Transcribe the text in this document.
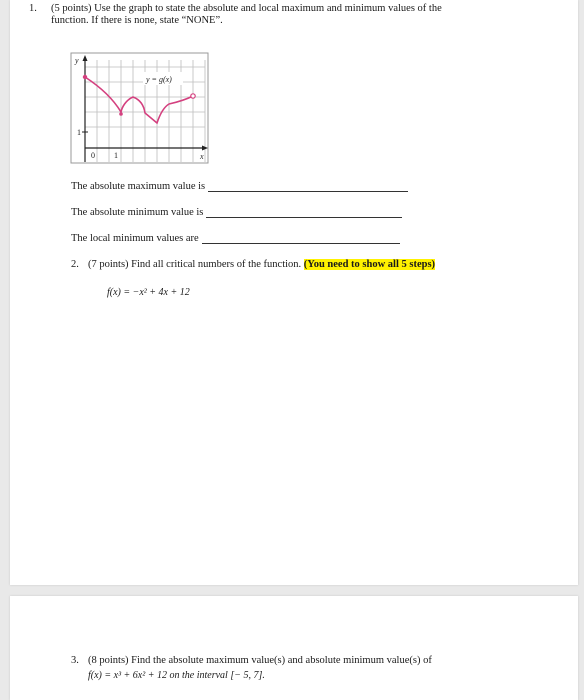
1. (5 points) Use the graph to state the absolute and local maximum and minimum values of the
function. If there is none, state “NONE”.
y
x
0 1
1
y = g(x)
The absolute maximum value is
The absolute minimum value is
The local minimum values are
2. (7 points) Find all critical numbers of the function. (You need to show all 5 steps)
f(x) = −x² + 4x + 12
3. (8 points) Find the absolute maximum value(s) and absolute minimum value(s) of
f(x) = x³ + 6x² + 12 on the interval [− 5, 7].
